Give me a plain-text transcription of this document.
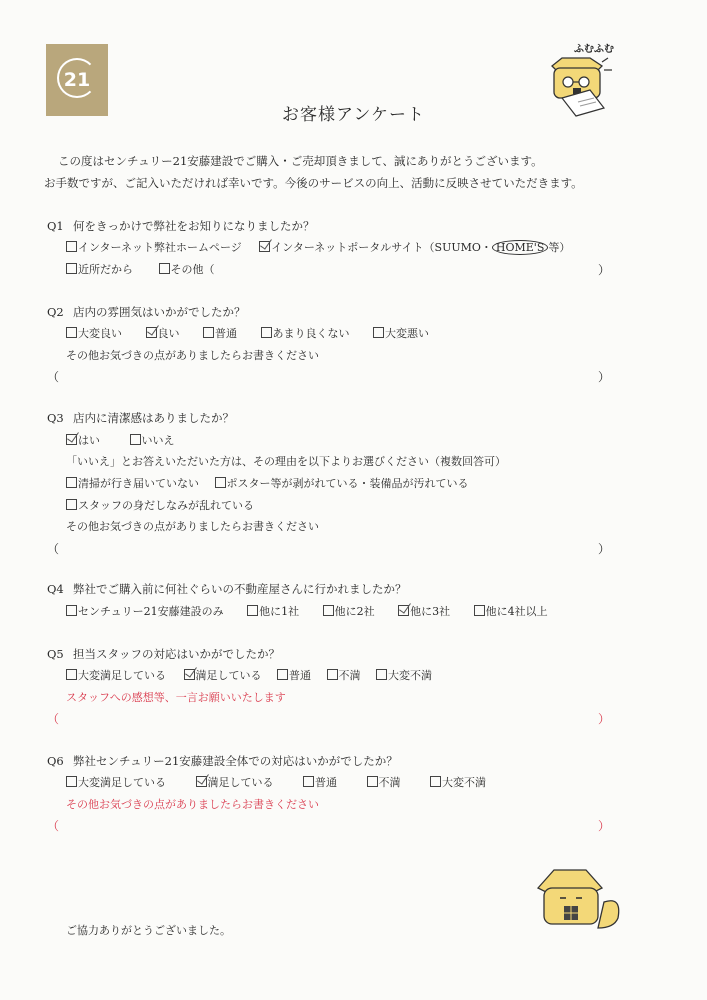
21
ふむふむ
お客様アンケート
この度はセンチュリー21安藤建設でご購入・ご売却頂きまして、誠にありがとうございます。
お手数ですが、ご記入いただければ幸いです。今後のサービスの向上、活動に反映させていただきます。
Q1 何をきっかけで弊社をお知りになりましたか？
インターネット弊社ホームページ	インターネットポータルサイト（SUUMO・ HOME'S 等）
近所だから	その他（	）
Q2 店内の雰囲気はいかがでしたか？
大変良い	良い	普通	あまり良くない	大変悪い
その他お気づきの点がありましたらお書きください
（	）
Q3 店内に清潔感はありましたか？
はい	いいえ
「いいえ」とお答えいただいた方は、その理由を以下よりお選びください（複数回答可）
清掃が行き届いていない	ポスター等が剥がれている・装備品が汚れている
スタッフの身だしなみが乱れている
その他お気づきの点がありましたらお書きください
（	）
Q4 弊社でご購入前に何社ぐらいの不動産屋さんに行かれましたか？
センチュリー21安藤建設のみ	他に1社	他に2社	他に3社	他に4社以上
Q5 担当スタッフの対応はいかがでしたか？
大変満足している	満足している	普通	不満	大変不満
スタッフへの感想等、一言お願いいたします
（	）
Q6 弊社センチュリー21安藤建設全体での対応はいかがでしたか？
大変満足している	満足している	普通	不満	大変不満
その他お気づきの点がありましたらお書きください
（	）
ご協力ありがとうございました。
